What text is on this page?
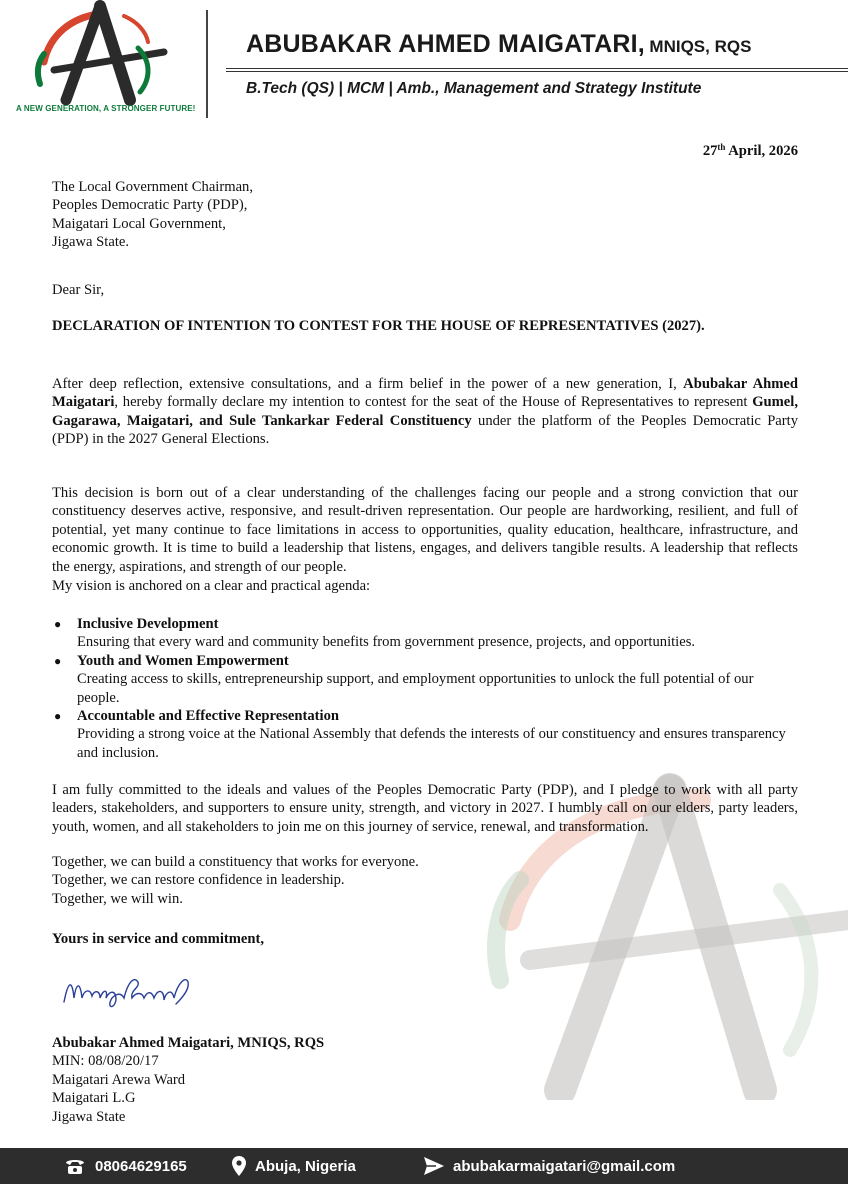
A NEW GENERATION, A STRONGER FUTURE!
ABUBAKAR AHMED MAIGATARI, MNIQS, RQS
B.Tech (QS) | MCM | Amb., Management and Strategy Institute
27th April, 2026
The Local Government Chairman,
Peoples Democratic Party (PDP),
Maigatari Local Government,
Jigawa State.
Dear Sir,
DECLARATION OF INTENTION TO CONTEST FOR THE HOUSE OF REPRESENTATIVES (2027).
After deep reflection, extensive consultations, and a firm belief in the power of a new generation, I, Abubakar Ahmed Maigatari, hereby formally declare my intention to contest for the seat of the House of Representatives to represent Gumel, Gagarawa, Maigatari, and Sule Tankarkar Federal Constituency under the platform of the Peoples Democratic Party (PDP) in the 2027 General Elections.
This decision is born out of a clear understanding of the challenges facing our people and a strong conviction that our constituency deserves active, responsive, and result-driven representation. Our people are hardworking, resilient, and full of potential, yet many continue to face limitations in access to opportunities, quality education, healthcare, infrastructure, and economic growth. It is time to build a leadership that listens, engages, and delivers tangible results. A leadership that reflects the energy, aspirations, and strength of our people.
My vision is anchored on a clear and practical agenda:
● Inclusive Development
Ensuring that every ward and community benefits from government presence, projects, and opportunities.
● Youth and Women Empowerment
Creating access to skills, entrepreneurship support, and employment opportunities to unlock the full potential of our people.
● Accountable and Effective Representation
Providing a strong voice at the National Assembly that defends the interests of our constituency and ensures transparency and inclusion.
I am fully committed to the ideals and values of the Peoples Democratic Party (PDP), and I pledge to work with all party leaders, stakeholders, and supporters to ensure unity, strength, and victory in 2027. I humbly call on our elders, party leaders, youth, women, and all stakeholders to join me on this journey of service, renewal, and transformation.
Together, we can build a constituency that works for everyone.
Together, we can restore confidence in leadership.
Together, we will win.
Yours in service and commitment,
Abubakar Ahmed Maigatari, MNIQS, RQS
MIN: 08/08/20/17
Maigatari Arewa Ward
Maigatari L.G
Jigawa State
08064629165	Abuja, Nigeria	abubakarmaigatari@gmail.com
